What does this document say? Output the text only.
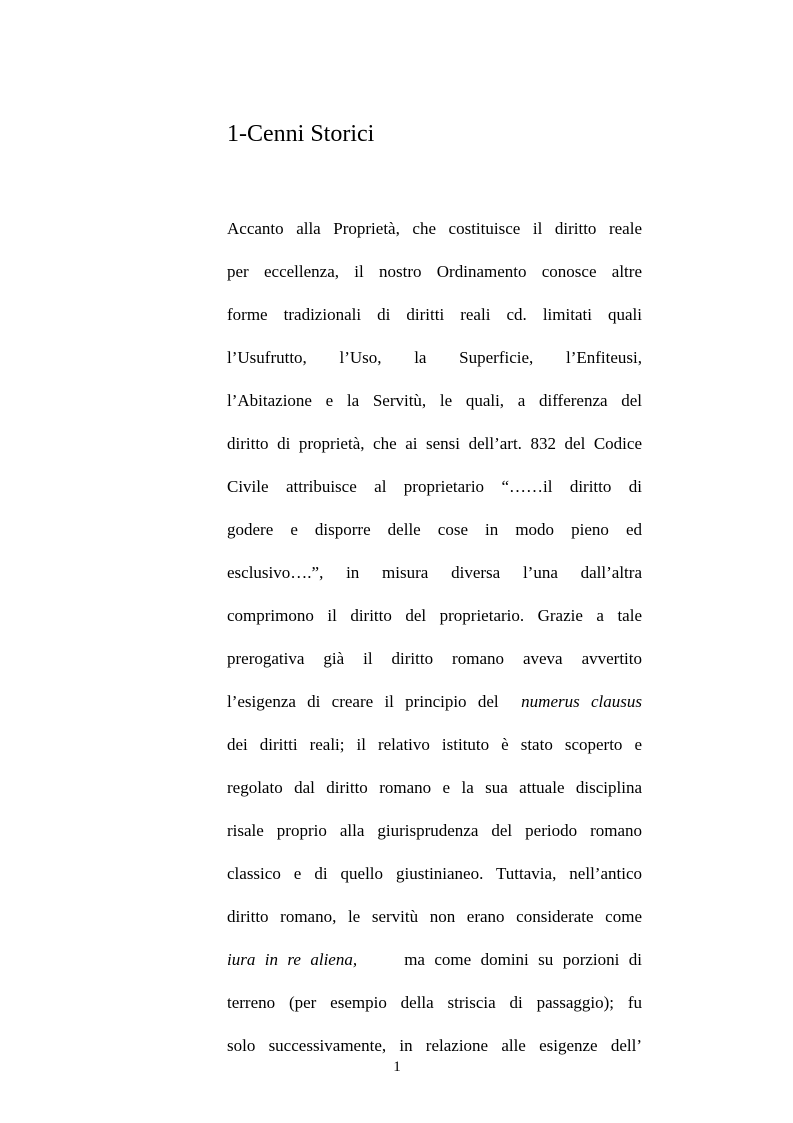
1-Cenni Storici
Accanto alla Proprietà, che costituisce il diritto reale
per eccellenza, il nostro Ordinamento conosce altre
forme tradizionali di diritti reali cd. limitati quali
l’Usufrutto, l’Uso, la Superficie, l’Enfiteusi,
l’Abitazione e la Servitù, le quali, a differenza del
diritto di proprietà, che ai sensi dell’art. 832 del Codice
Civile attribuisce al proprietario “……il diritto di
godere e disporre delle cose in modo pieno ed
esclusivo….”, in misura diversa l’una dall’altra
comprimono il diritto del proprietario. Grazie a tale
prerogativa già il diritto romano aveva avvertito
l’esigenza di creare il principio del numerus clausus
dei diritti reali; il relativo istituto è stato scoperto e
regolato dal diritto romano e la sua attuale disciplina
risale proprio alla giurisprudenza del periodo romano
classico e di quello giustinianeo. Tuttavia, nell’antico
diritto romano, le servitù non erano considerate come
iura in re aliena,	ma come domini su porzioni di
terreno (per esempio della striscia di passaggio); fu
solo successivamente, in relazione alle esigenze dell’
1
